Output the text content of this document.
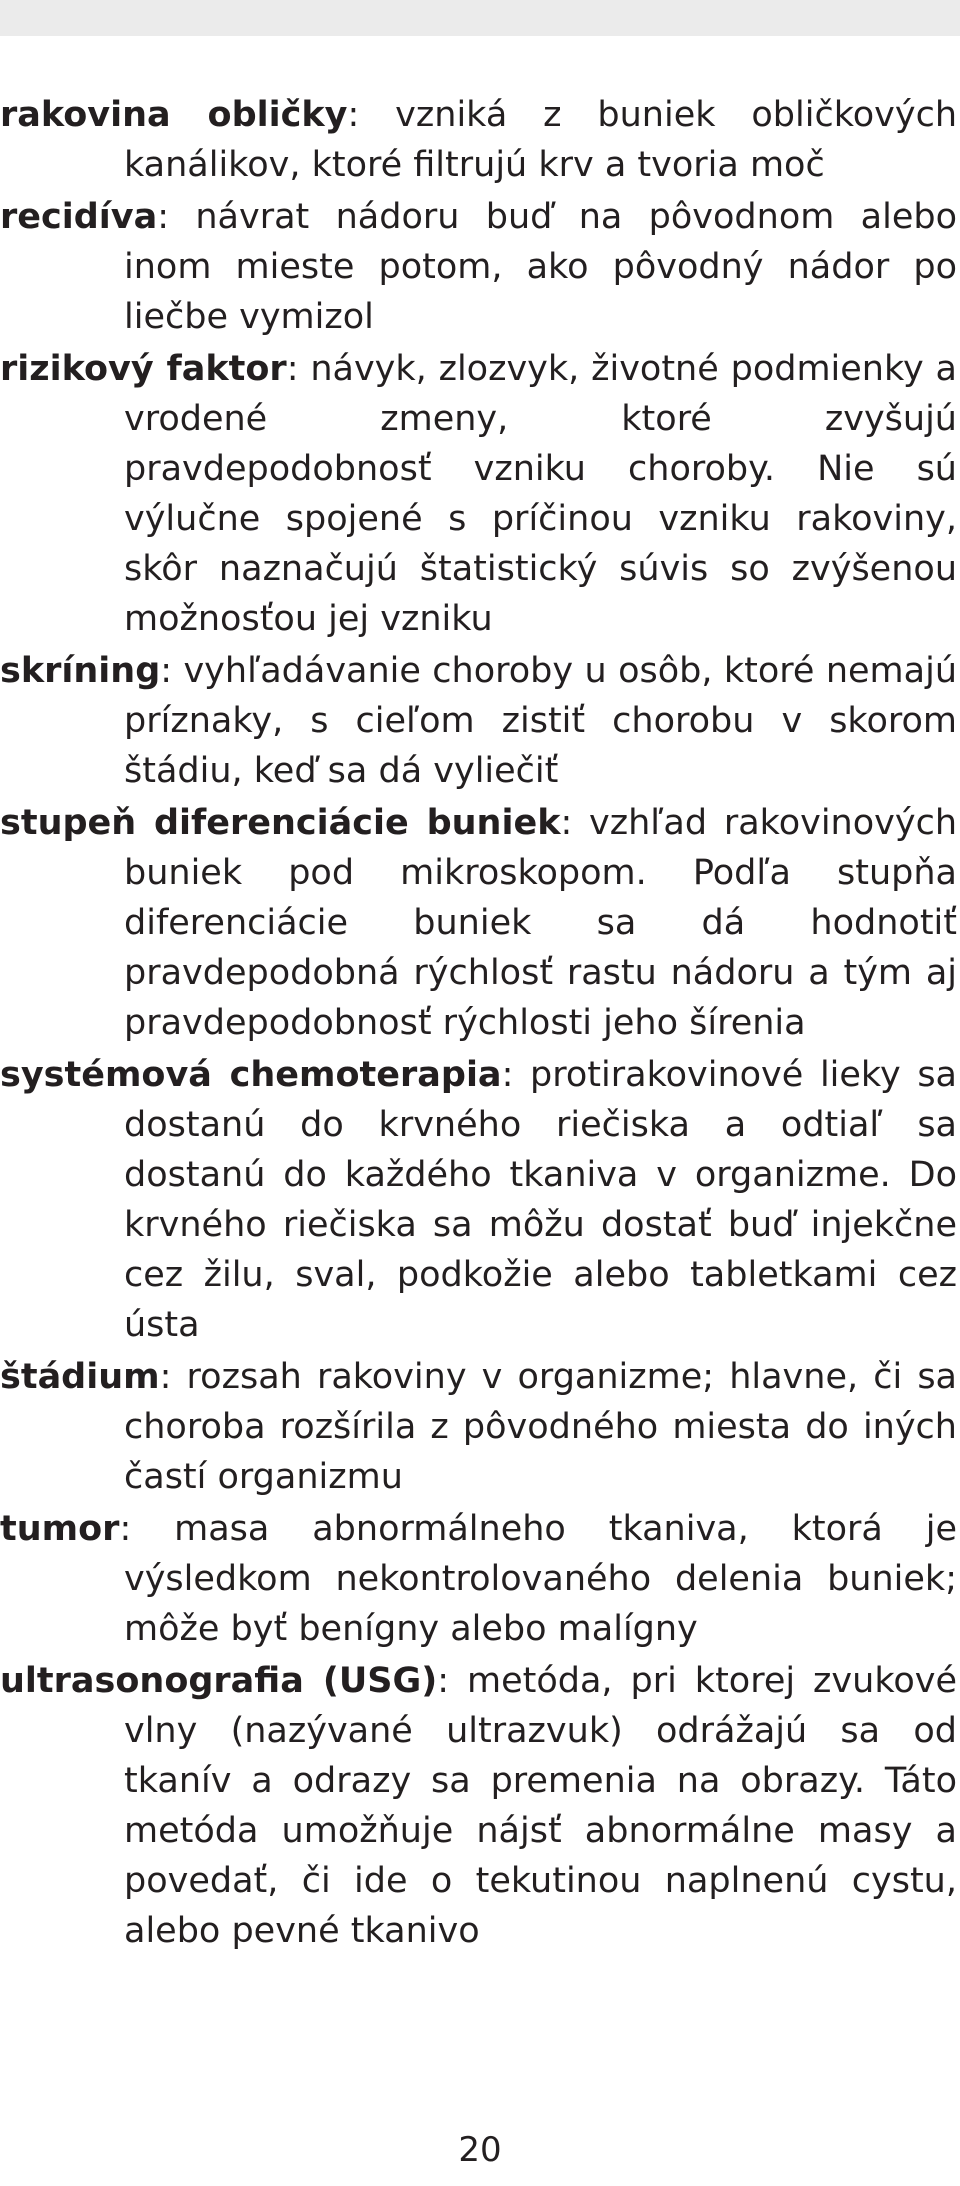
rakovina obličky: vzniká z buniek obličkových kanálikov, ktoré filtrujú krv a tvoria moč

recidíva: návrat nádoru buď na pôvodnom alebo inom mieste potom, ako pôvodný nádor po liečbe vymizol

rizikový faktor: návyk, zlozvyk, životné podmienky a vrodené zmeny, ktoré zvyšujú pravdepodobnosť vzniku choroby. Nie sú výlučne spojené s príčinou vzniku rakoviny, skôr naznačujú štatistický súvis so zvýšenou možnosťou jej vzniku

skríning: vyhľadávanie choroby u osôb, ktoré nemajú príznaky, s cieľom zistiť chorobu v skorom štádiu, keď sa dá vyliečiť

stupeň diferenciácie buniek: vzhľad rakovinových buniek pod mikroskopom. Podľa stupňa diferenciácie buniek sa dá hodnotiť pravdepodobná rýchlosť rastu nádoru a tým aj pravdepodobnosť rýchlosti jeho šírenia

systémová chemoterapia: protirakovinové lieky sa dostanú do krvného riečiska a odtiaľ sa dostanú do každého tkaniva v organizme. Do krvného riečiska sa môžu dostať buď injekčne cez žilu, sval, podkožie alebo tabletkami cez ústa

štádium: rozsah rakoviny v organizme; hlavne, či sa choroba rozšírila z pôvodného miesta do iných častí organizmu

tumor: masa abnormálneho tkaniva, ktorá je výsledkom nekontrolovaného delenia buniek; môže byť benígny alebo malígny

ultrasonografia (USG): metóda, pri ktorej zvukové vlny (nazývané ultrazvuk) odrážajú sa od tkanív a odrazy sa premenia na obrazy. Táto metóda umožňuje nájsť abnormálne masy a povedať, či ide o tekutinou naplnenú cystu, alebo pevné tkanivo

20
